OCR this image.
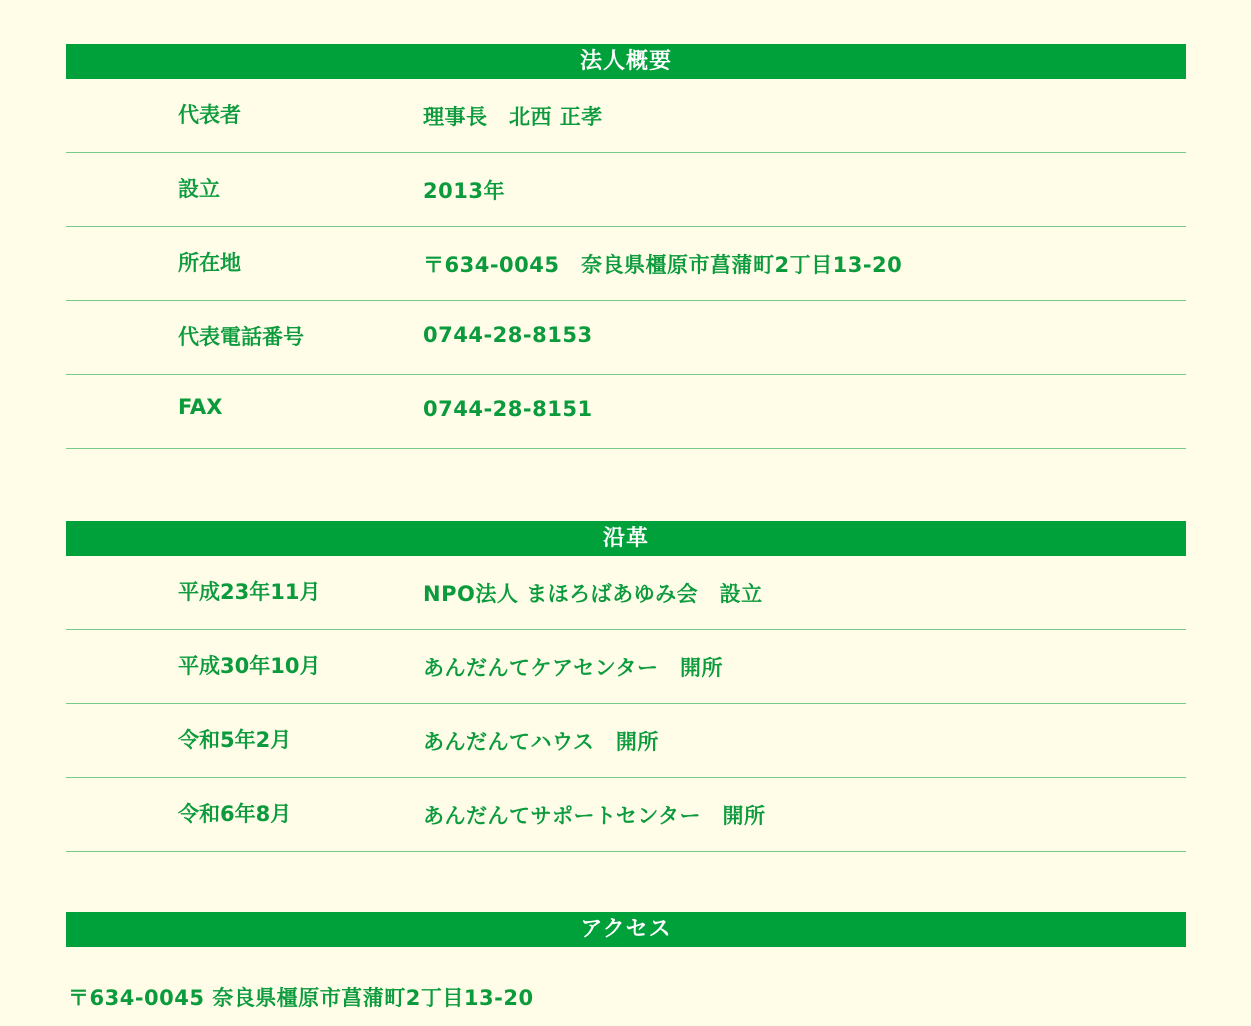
法人概要
代表者	理事長　北西 正孝
設立	2013年
所在地	〒634-0045　奈良県橿原市菖蒲町2丁目13-20
代表電話番号	0744-28-8153
FAX	0744-28-8151
沿革
平成23年11月	NPO法人 まほろばあゆみ会　設立
平成30年10月	あんだんてケアセンター　開所
令和5年2月	あんだんてハウス　開所
令和6年8月	あんだんてサポートセンター　開所
アクセス
〒634-0045 奈良県橿原市菖蒲町2丁目13-20
